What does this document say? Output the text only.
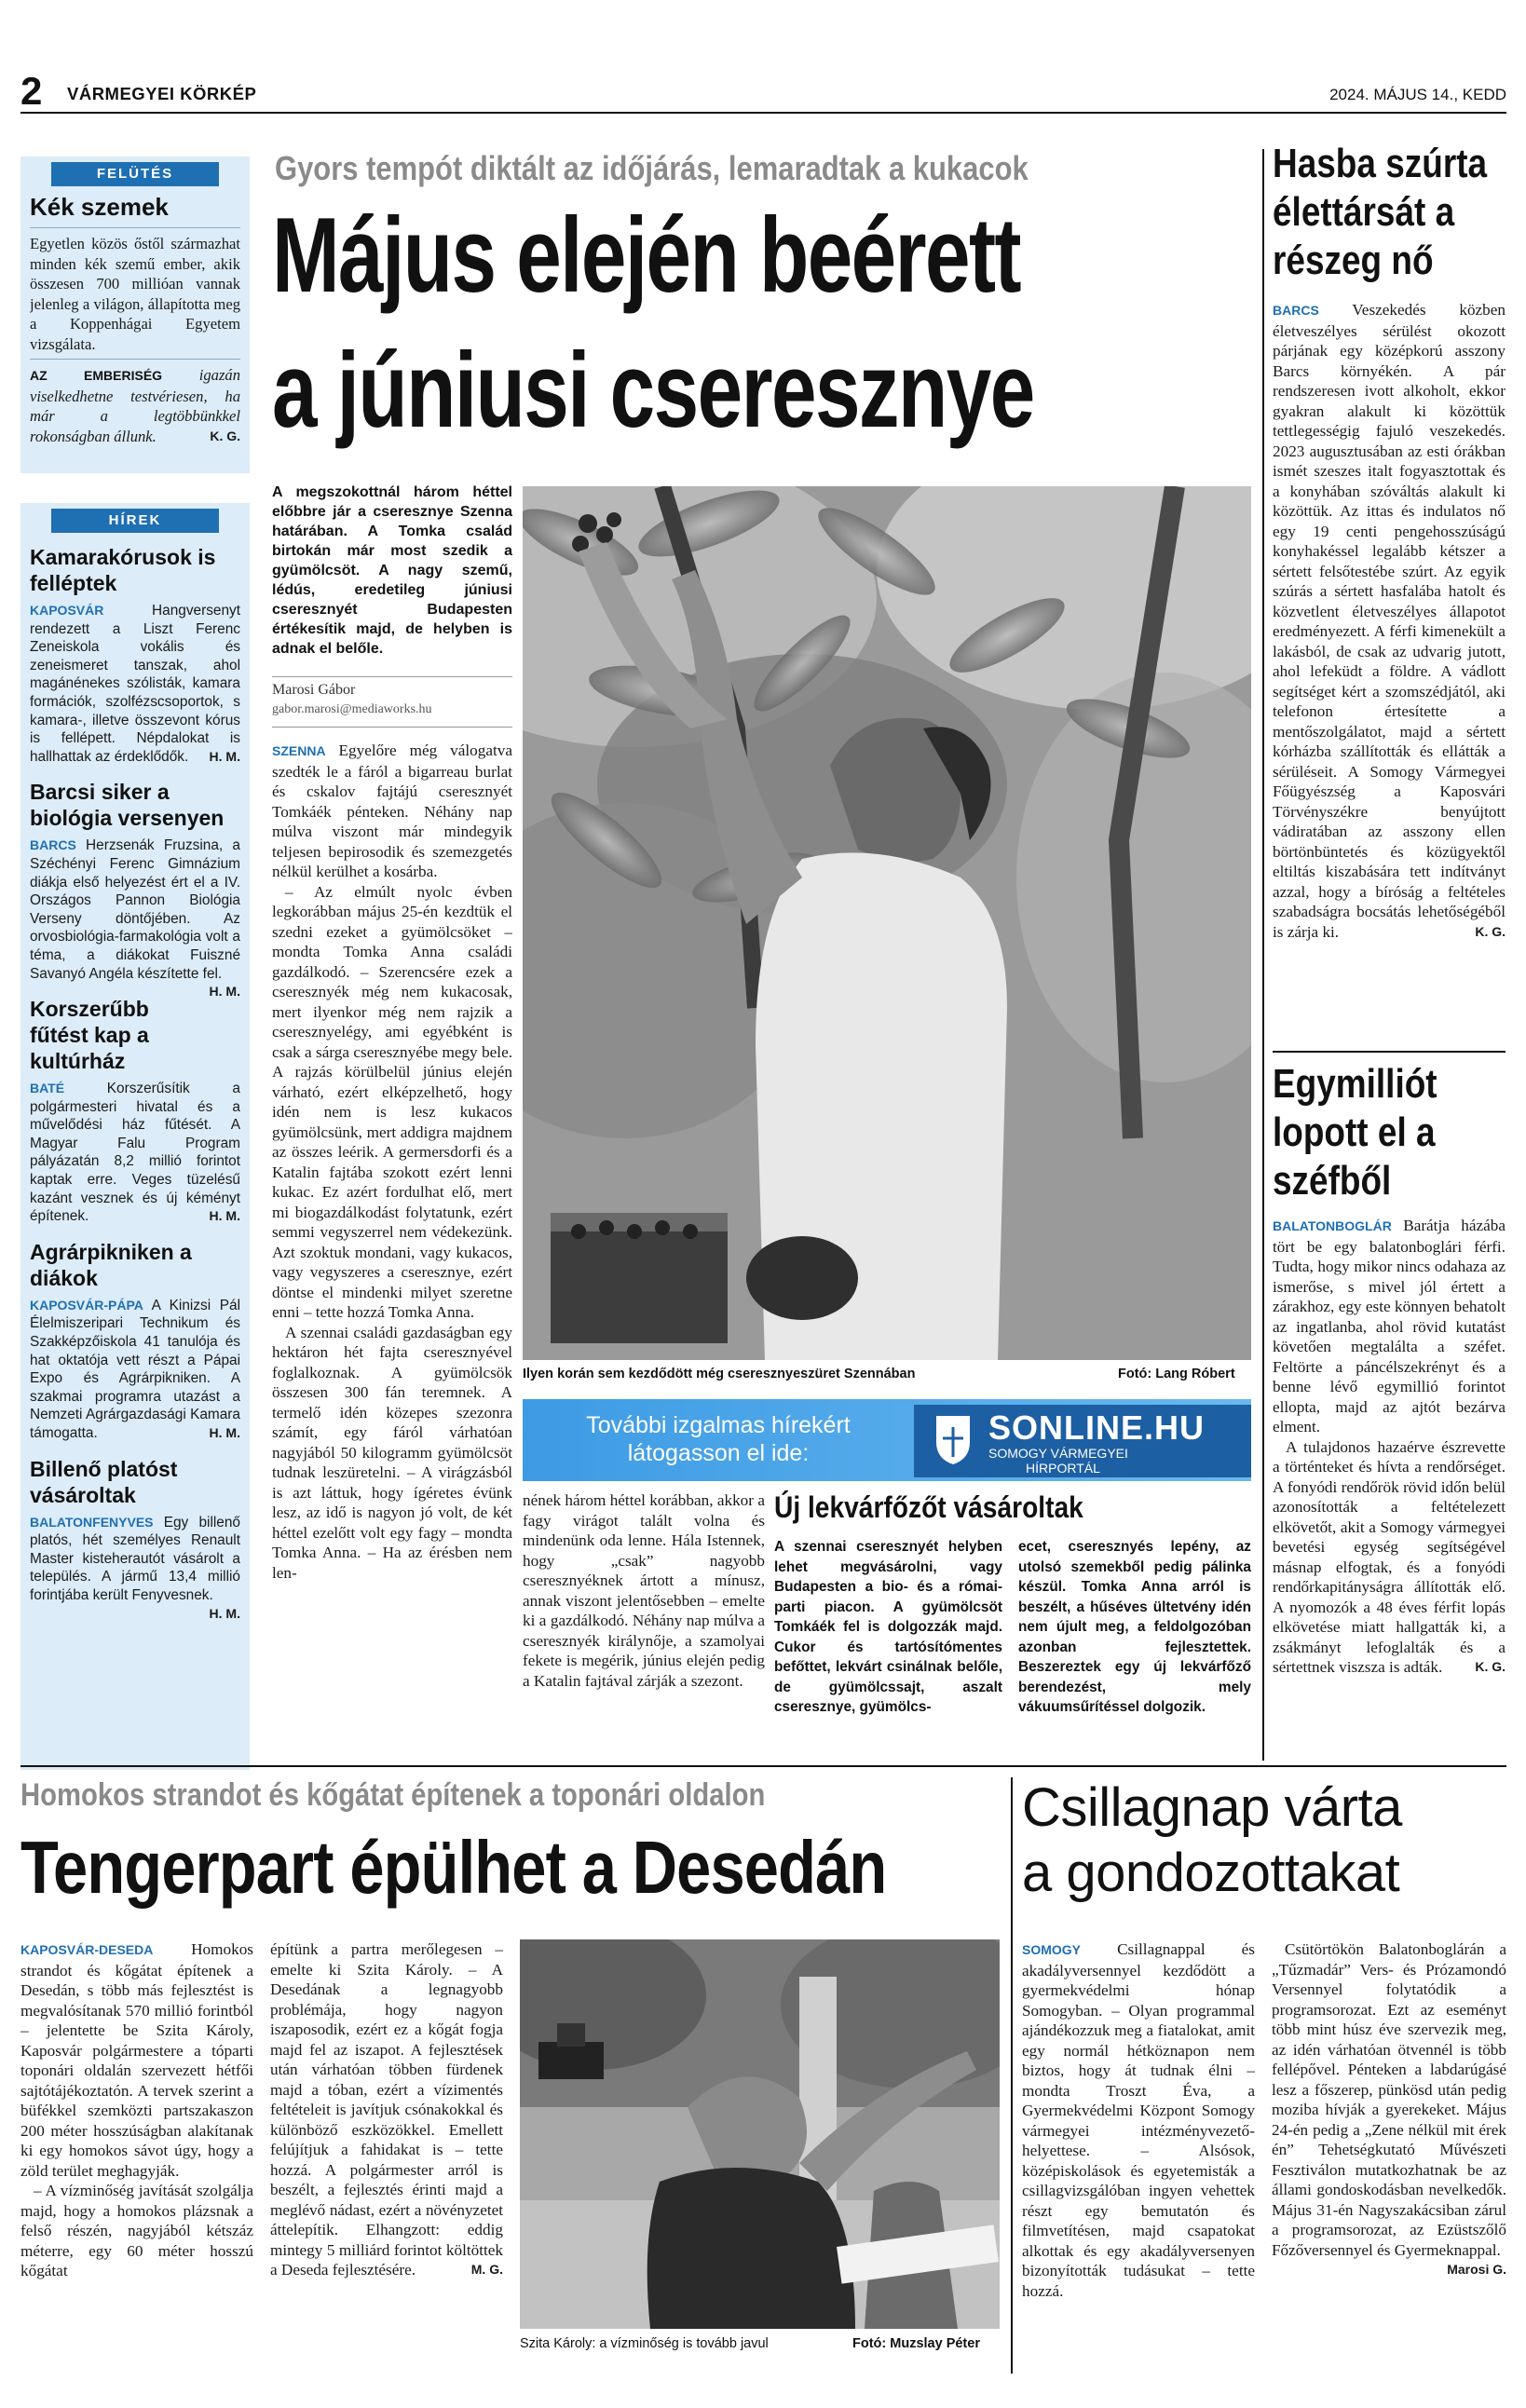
2 VÁRMEGYEI KÖRKÉP	2024. MÁJUS 14., KEDD
FELÜTÉS
Kék szemek

Egyetlen közös őstől származhat minden kék szemű ember, akik összesen 700 millióan vannak jelenleg a világon, állapította meg a Koppenhágai Egyetem vizsgálata.

AZ EMBERISÉG igazán viselkedhetne testvériesen, ha már a legtöbbünkkel rokonságban állunk.	K. G.
HÍREK
Kamarakórusok is felléptek
KAPOSVÁR Hangversenyt rendezett a Liszt Ferenc Zeneiskola vokális és zeneismeret tanszak, ahol magánénekes szólisták, kamara formációk, szolfézscsoportok, s kamara-, illetve összevont kórus is fellépett. Népdalokat is hallhattak az érdeklődők. H. M.
Barcsi siker a biológia versenyen
BARCS Herzsenák Fruzsina, a Széchényi Ferenc Gimnázium diákja első helyezést ért el a IV. Országos Pannon Biológia Verseny döntőjében. Az orvosbiológia-farmakológia volt a téma, a diákokat Fuiszné Savanyó Angéla készítette fel.
H. M.
Korszerűbb fűtést kap a kultúrház
BATÉ Korszerűsítik a polgármesteri hivatal és a művelődési ház fűtését. A Magyar Falu Program pályázatán 8,2 millió forintot kaptak erre. Veges tüzelésű kazánt vesznek és új kéményt építenek.	H. M.
Agrárpikniken a diákok
KAPOSVÁR-PÁPA A Kinizsi Pál Élelmiszeripari Technikum és Szakképzőiskola 41 tanulója és hat oktatója vett részt a Pápai Expo és Agrárpikniken. A szakmai programra utazást a Nemzeti Agrárgazdasági Kamara támogatta.	H. M.
Billenő platóst vásároltak
BALATONFENYVES Egy billenő platós, hét személyes Renault Master kisteherautót vásárolt a település. A jármű 13,4 millió forintjába került Fenyvesnek.
H. M.
Gyors tempót diktált az időjárás, lemaradtak a kukacok
Május elején beérett
a júniusi cseresznye
A megszokottnál három héttel előbbre jár a cseresznye Szenna határában. A Tomka család birtokán már most szedik a gyümölcsöt. A nagy szemű, lédús, eredetileg júniusi cseresznyét Budapesten értékesítik majd, de helyben is adnak el belőle.
Marosi Gábor
gabor.marosi@mediaworks.hu

SZENNA Egyelőre még válogatva szedték le a fáról a bigarreau burlat és cskalov fajtájú cseresznyét Tomkáék pénteken. Néhány nap múlva viszont már mindegyik teljesen bepirosodik és szemezgetés nélkül kerülhet a kosárba.

– Az elmúlt nyolc évben legkorábban május 25-én kezdtük el szedni ezeket a gyümölcsöket – mondta Tomka Anna családi gazdálkodó. – Szerencsére ezek a cseresznyék még nem kukacosak, mert ilyenkor még nem rajzik a cseresznyelégy, ami egyébként is csak a sárga cseresznyébe megy bele. A rajzás körülbelül június elején várható, ezért elképzelhető, hogy idén nem is lesz kukacos gyümölcsünk, mert addigra majdnem az összes leérik. A germersdorfi és a Katalin fajtába szokott ezért lenni kukac. Ez azért fordulhat elő, mert mi biogazdálkodást folytatunk, ezért semmi vegyszerrel nem védekezünk. Azt szoktuk mondani, vagy kukacos, vagy vegyszeres a cseresznye, ezért döntse el mindenki milyet szeretne enni – tette hozzá Tomka Anna.

A szennai családi gazdaságban egy hektáron hét fajta cseresznyével foglalkoznak. A gyümölcsök összesen 300 fán teremnek. A termelő idén közepes szezonra számít, egy fáról várhatóan nagyjából 50 kilogramm gyümölcsöt tudnak leszüretelni. – A virágzásból is azt láttuk, hogy ígéretes évünk lesz, az idő is nagyon jó volt, de két héttel ezelőtt volt egy fagy – mondta Tomka Anna. – Ha az érésben nem len-

Ilyen korán sem kezdődött még cseresznyeszüret Szennában	Fotó: Lang Róbert
További izgalmas hírekért
látogasson el ide:
SONLINE.HU
SOMOGY VÁRMEGYEI
HÍRPORTÁL

nének három héttel korábban, akkor a fagy virágot talált volna és mindenünk oda lenne. Hála Istennek, hogy „csak” nagyobb cseresznyéknek ártott a mínusz, annak viszont jelentősebben – emelte ki a gazdálkodó. Néhány nap múlva a cseresznyék királynője, a szamolyai fekete is megérik, június elején pedig a Katalin fajtával zárják a szezont.

Új lekvárfőzőt vásároltak
A szennai cseresznyét helyben lehet megvásárolni, vagy Budapesten a bio- és a római-parti piacon. A gyümölcsöt Tomkáék fel is dolgozzák majd. Cukor és tartósítómentes befőttet, lekvárt csinálnak belőle, de gyümölcssajt, aszalt cseresznye, gyümölcs-
ecet, cseresznyés lepény, az utolsó szemekből pedig pálinka készül. Tomka Anna arról is beszélt, a hűséves ültetvény idén nem újult meg, a feldolgozóban azonban fejlesztettek. Beszereztek egy új lekvárfőző berendezést, mely vákuumsűrítéssel dolgozik.
Hasba szúrta élettársát a részeg nő

BARCS Veszekedés közben életveszélyes sérülést okozott párjának egy középkorú asszony Barcs környékén. A pár rendszeresen ivott alkoholt, ekkor gyakran alakult ki közöttük tettlegességig fajuló veszekedés. 2023 augusztusában az esti órákban ismét szeszes italt fogyasztottak és a konyhában szóváltás alakult ki közöttük. Az ittas és indulatos nő egy 19 centi pengehosszúságú konyhakéssel legalább kétszer a sértett felsőtestébe szúrt. Az egyik szúrás a sértett hasfalába hatolt és közvetlent életveszélyes állapotot eredményezett. A férfi kimenekült a lakásból, de csak az udvarig jutott, ahol lefeküdt a földre. A vádlott segítséget kért a szomszédjától, aki telefonon értesítette a mentőszolgálatot, majd a sértett kórházba szállították és ellátták a sérüléseit. A Somogy Vármegyei Főügyészség a Kaposvári Törvényszékre benyújtott vádiratában az asszony ellen börtönbüntetés és közügyektől eltiltás kiszabására tett indítványt azzal, hogy a bíróság a feltételes szabadságra bocsátás lehetőségéből is zárja ki.	K. G.

Egymilliót lopott el a széfből

BALATONBOGLÁR Barátja házába tört be egy balatonboglári férfi. Tudta, hogy mikor nincs odahaza az ismerőse, s mivel jól értett a zárakhoz, egy este könnyen behatolt az ingatlanba, ahol rövid kutatást követően megtalálta a széfet. Feltörte a páncélszekrényt és a benne lévő egymillió forintot ellopta, majd az ajtót bezárva elment.

A tulajdonos hazaérve észrevette a történteket és hívta a rendőrséget. A fonyódi rendőrök rövid időn belül azonosították a feltételezett elkövetőt, akit a Somogy vármegyei bevetési egység segítségével másnap elfogtak, és a fonyódi rendőrkapitányságra állították elő. A nyomozók a 48 éves férfit lopás elkövetése miatt hallgatták ki, a zsákmányt lefoglalták és a sértettnek viszsza is adták.	K. G.

Homokos strandot és kőgátat építenek a toponári oldalon
Tengerpart épülhet a Desedán

KAPOSVÁR-DESEDA Homokos strandot és kőgátat építenek a Desedán, s több más fejlesztést is megvalósítanak 570 millió forintból – jelentette be Szita Károly, Kaposvár polgármestere a tóparti toponári oldalán szervezett hétfői sajtótájékoztatón. A tervek szerint a büfékkel szemközti partszakaszon 200 méter hosszúságban alakítanak ki egy homokos sávot úgy, hogy a zöld terület meghagyják.

– A vízminőség javítását szolgálja majd, hogy a homokos plázsnak a felső részén, nagyjából kétszáz méterre, egy 60 méter hosszú kőgátat

építünk a partra merőlegesen – emelte ki Szita Károly. – A Desedának a legnagyobb problémája, hogy nagyon iszaposodik, ezért ez a kőgát fogja majd fel az iszapot. A fejlesztések után várhatóan többen fürdenek majd a tóban, ezért a vízimentés feltételeit is javítjuk csónakokkal és különböző eszközökkel. Emellett felújítjuk a fahidakat is – tette hozzá. A polgármester arról is beszélt, a fejlesztés érinti majd a meglévő nádast, ezért a növényzetet áttelepítik. Elhangzott: eddig mintegy 5 milliárd forintot költöttek a Deseda fejlesztésére.	M. G.

Szita Károly: a vízminőség is tovább javul	Fotó: Muzslay Péter
Csillagnap várta
a gondozottakat

SOMOGY Csillagnappal és akadályversennyel kezdődött a gyermekvédelmi hónap Somogyban. – Olyan programmal ajándékozzuk meg a fiatalokat, amit egy normál hétköznapon nem biztos, hogy át tudnak élni – mondta Troszt Éva, a Gyermekvédelmi Központ Somogy vármegyei intézményvezető-helyettese. – Alsósok, középiskolások és egyetemisták a csillagvizsgálóban ingyen vehettek részt egy bemutatón és filmvetítésen, majd csapatokat alkottak és egy akadályversenyen bizonyították tudásukat – tette hozzá.

Csütörtökön Balatonboglárán a „Tűzmadár” Vers- és Prózamondó Versennyel folytatódik a programsorozat. Ezt az eseményt több mint húsz éve szervezik meg, az idén várhatóan ötvennél is több fellépővel. Pénteken a labdarúgásé lesz a főszerep, pünkösd után pedig moziba hívják a gyerekeket. Május 24-én pedig a „Zene nélkül mit érek én” Tehetségkutató Művészeti Fesztiválon mutatkozhatnak be az állami gondoskodásban nevelkedők. Május 31-én Nagyszakácsiban zárul a programsorozat, az Ezüstszőlő Főzőversennyel és Gyermeknappal.
Marosi G.
